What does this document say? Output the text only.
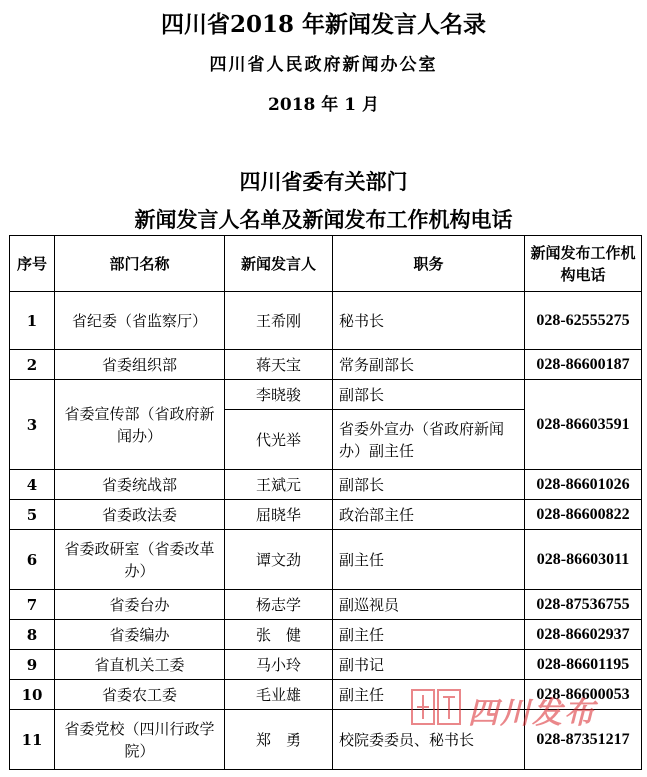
四川省2018 年新闻发言人名录
四川省人民政府新闻办公室
2018 年 1 月
四川省委有关部门
新闻发言人名单及新闻发布工作机构电话
序号	部门名称	新闻发言人	职务	新闻发布工作机构电话
1	省纪委（省监察厅）	王希刚	秘书长	028-62555275
2	省委组织部	蒋天宝	常务副部长	028-86600187
3	省委宣传部（省政府新闻办）	李晓骏	副部长	028-86603591
		代光举	省委外宣办（省政府新闻办）副主任	
4	省委统战部	王斌元	副部长	028-86601026
5	省委政法委	屈晓华	政治部主任	028-86600822
6	省委政研室（省委改革办）	谭文劲	副主任	028-86603011
7	省委台办	杨志学	副巡视员	028-87536755
8	省委编办	张　健	副主任	028-86602937
9	省直机关工委	马小玲	副书记	028-86601195
10	省委农工委	毛业雄	副主任	028-86600053
11	省委党校（四川行政学院）	郑　勇	校院委委员、秘书长	028-87351217
四川发布
